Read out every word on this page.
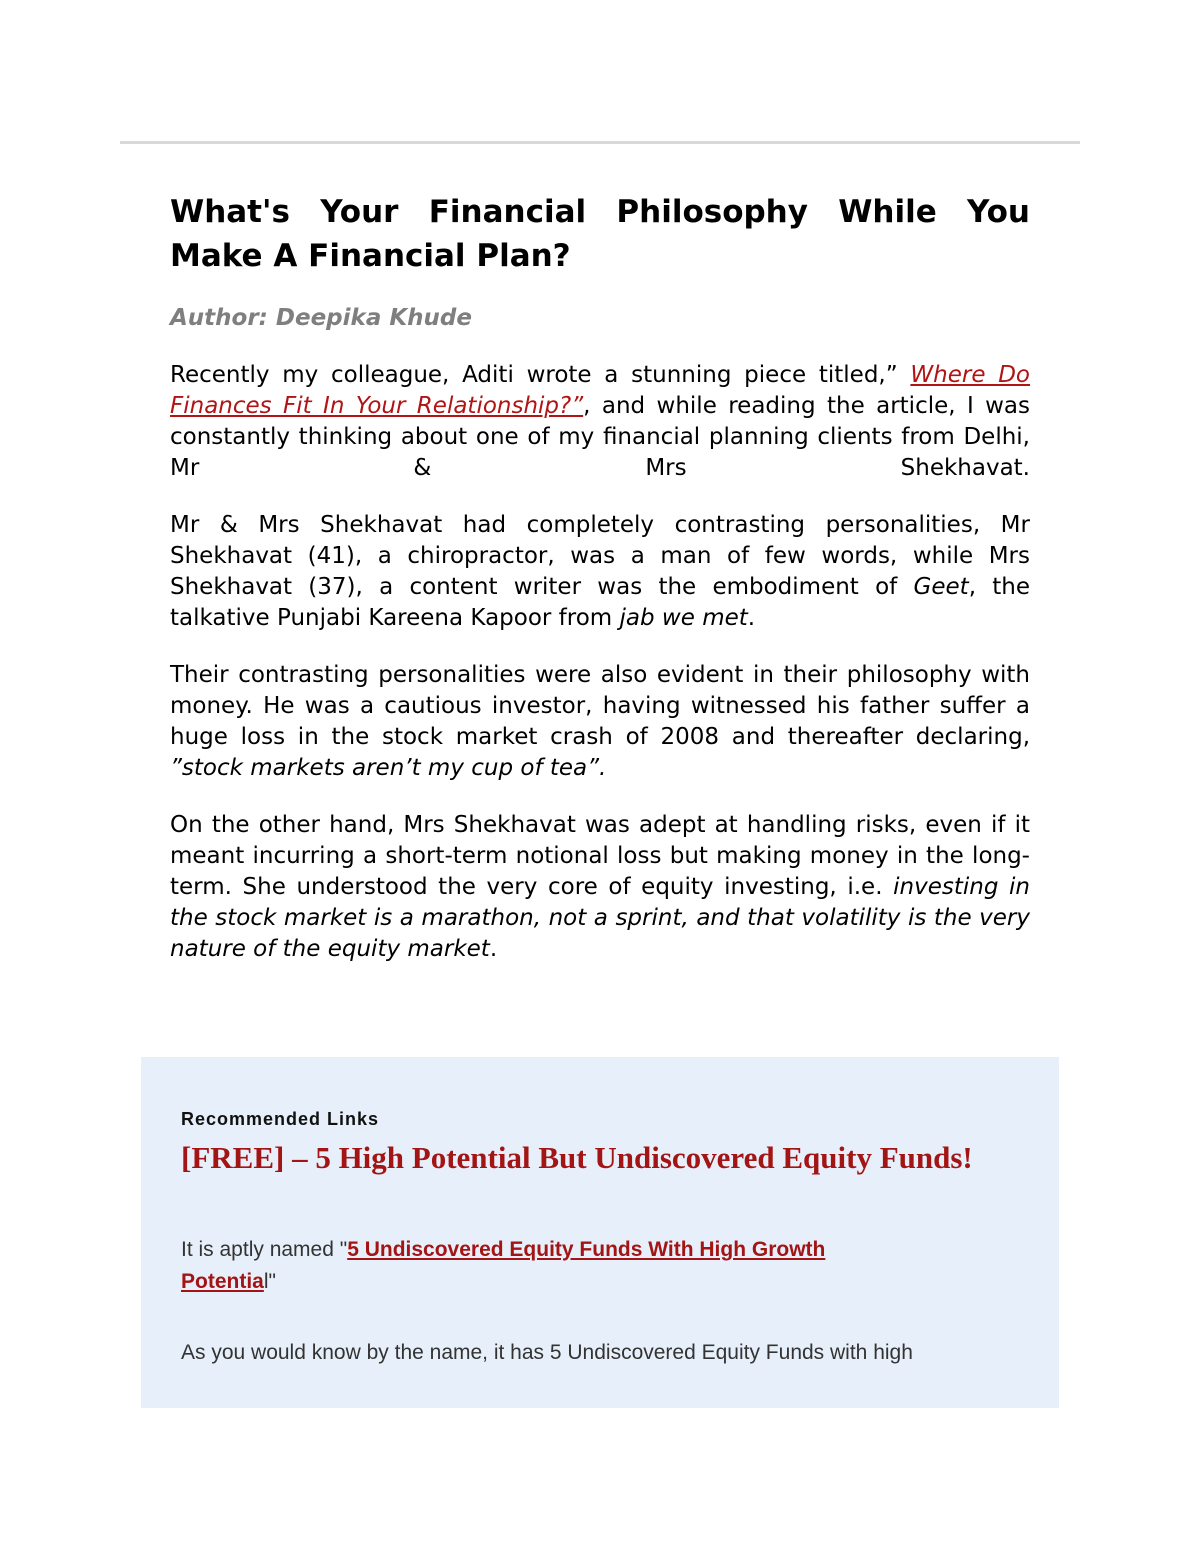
What's Your Financial Philosophy While You Make A Financial Plan?
Author: Deepika Khude

Recently my colleague, Aditi wrote a stunning piece titled,” Where Do Finances Fit In Your Relationship?”, and while reading the article, I was constantly thinking about one of my financial planning clients from Delhi, Mr & Mrs Shekhavat.

Mr & Mrs Shekhavat had completely contrasting personalities, Mr Shekhavat (41), a chiropractor, was a man of few words, while Mrs Shekhavat (37), a content writer was the embodiment of Geet, the talkative Punjabi Kareena Kapoor from jab we met.

Their contrasting personalities were also evident in their philosophy with money. He was a cautious investor, having witnessed his father suffer a huge loss in the stock market crash of 2008 and thereafter declaring, ”stock markets aren’t my cup of tea”.

On the other hand, Mrs Shekhavat was adept at handling risks, even if it meant incurring a short-term notional loss but making money in the long-term. She understood the very core of equity investing, i.e. investing in the stock market is a marathon, not a sprint, and that volatility is the very nature of the equity market.

Recommended Links
[FREE] – 5 High Potential But Undiscovered Equity Funds!
It is aptly named "5 Undiscovered Equity Funds With High Growth
Potential"
As you would know by the name, it has 5 Undiscovered Equity Funds with high
